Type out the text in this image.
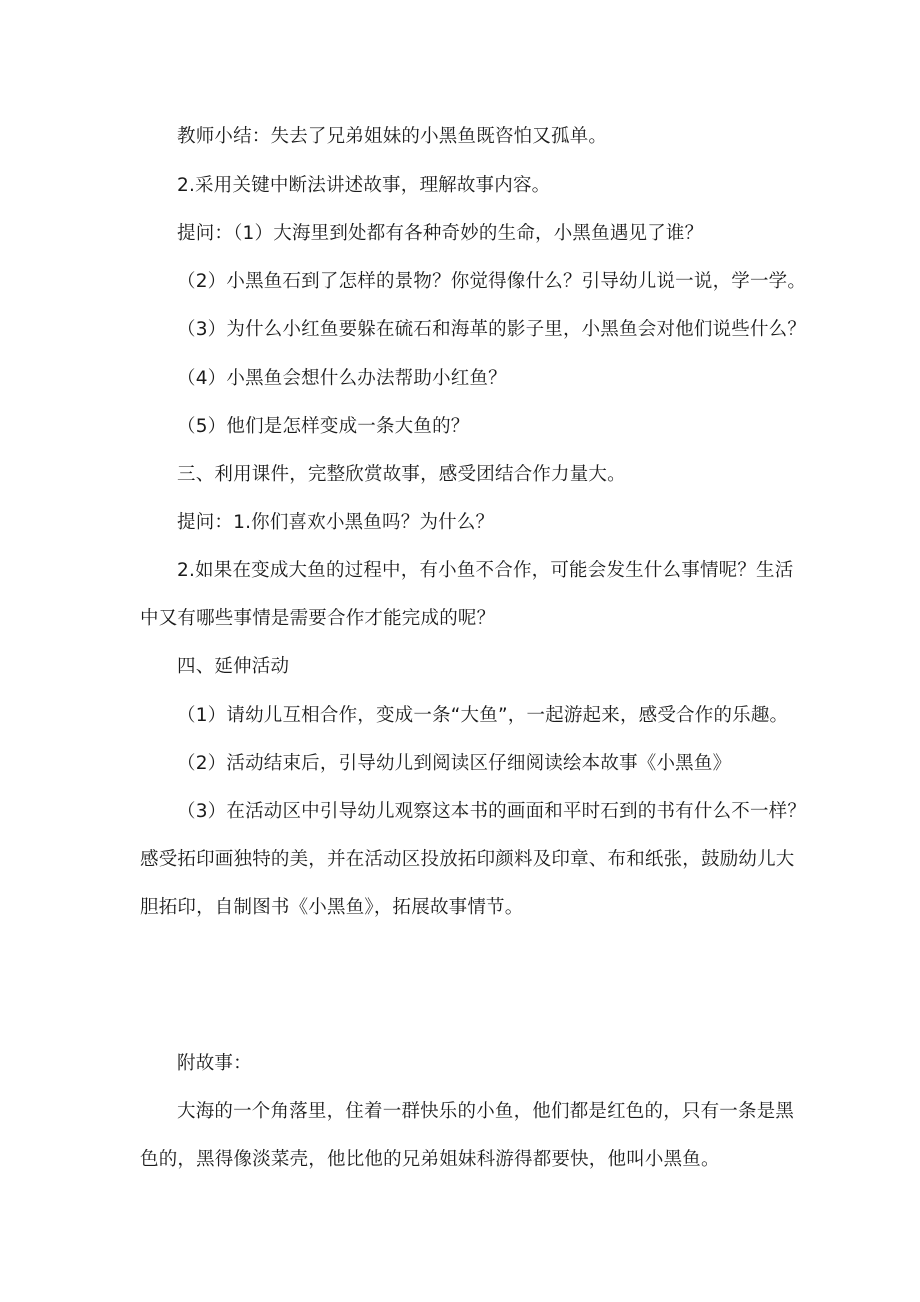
教师小结：失去了兄弟姐妹的小黑鱼既咨怕又孤单。
2.采用关键中断法讲述故事，理解故事内容。
提问：（1）大海里到处都有各种奇妙的生命，小黑鱼遇见了谁？
（2）小黑鱼石到了怎样的景物？你觉得像什么？引导幼儿说一说，学一学。
（3）为什么小红鱼要躲在硫石和海革的影子里，小黑鱼会对他们说些什么？
（4）小黑鱼会想什么办法帮助小红鱼？
（5）他们是怎样变成一条大鱼的？
三、利用课件，完整欣赏故事，感受团结合作力量大。
提问：1.你们喜欢小黑鱼吗？为什么？
2.如果在变成大鱼的过程中，有小鱼不合作，可能会发生什么事情呢？生活
中又有哪些事情是需要合作才能完成的呢？
四、延伸活动
（1）请幼儿互相合作，变成一条“大鱼”，一起游起来，感受合作的乐趣。
（2）活动结束后，引导幼儿到阅读区仔细阅读绘本故事《小黑鱼》
（3）在活动区中引导幼儿观察这本书的画面和平时石到的书有什么不一样？
感受拓印画独特的美，并在活动区投放拓印颜料及印章、布和纸张，鼓励幼儿大
胆拓印，自制图书《小黑鱼》，拓展故事情节。
附故事：
大海的一个角落里，住着一群快乐的小鱼，他们都是红色的，只有一条是黑
色的，黑得像淡菜壳，他比他的兄弟姐妹科游得都要快，他叫小黑鱼。
